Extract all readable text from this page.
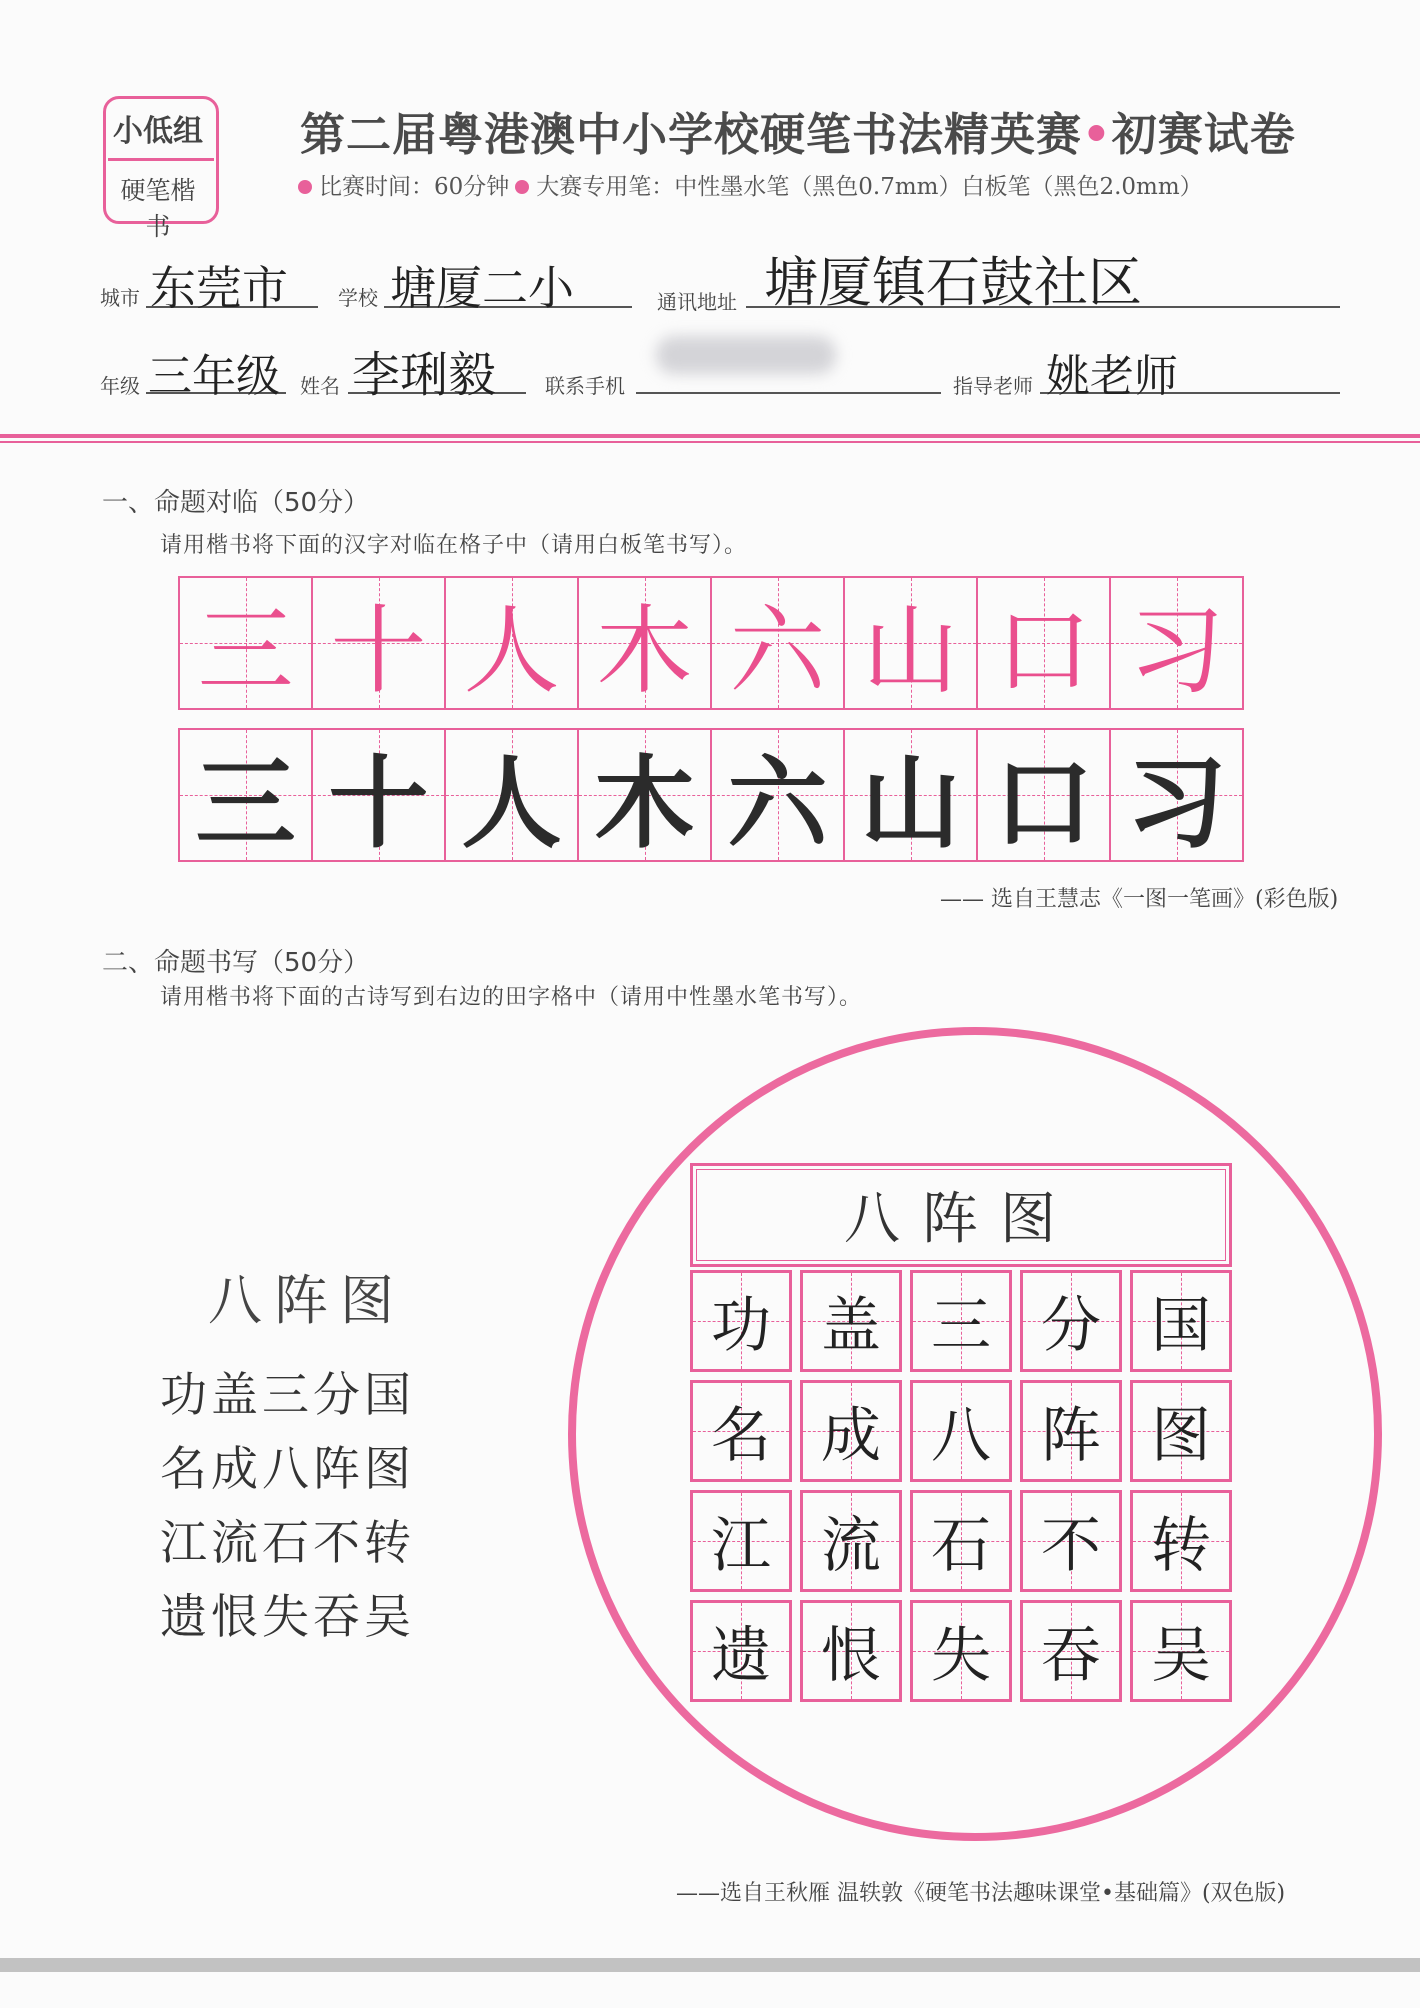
小低组
硬笔楷书
第二届粤港澳中小学校硬笔书法精英赛•初赛试卷
比赛时间：60分钟 大赛专用笔：中性墨水笔（黑色0.7mm）白板笔（黑色2.0mm）
城市 东莞市	学校 塘厦二小	通讯地址 塘厦镇石鼓社区
年级 三年级 姓名 李琍毅 联系手机	指导老师 姚老师
一、命题对临（50分）
请用楷书将下面的汉字对临在格子中（请用白板笔书写）。
三 十 人 木 六 山 口 习
三 十 人 木 六 山 口 习
—— 选自王慧志《一图一笔画》(彩色版)
二、命题书写（50分）
请用楷书将下面的古诗写到右边的田字格中（请用中性墨水笔书写）。
八阵图
功盖三分国
名成八阵图
江流石不转
遗恨失吞吴
八阵图
功 盖 三 分 国
名 成 八 阵 图
江 流 石 不 转
遗 恨 失 吞 吴
——选自王秋雁 温轶敦《硬笔书法趣味课堂•基础篇》(双色版)
